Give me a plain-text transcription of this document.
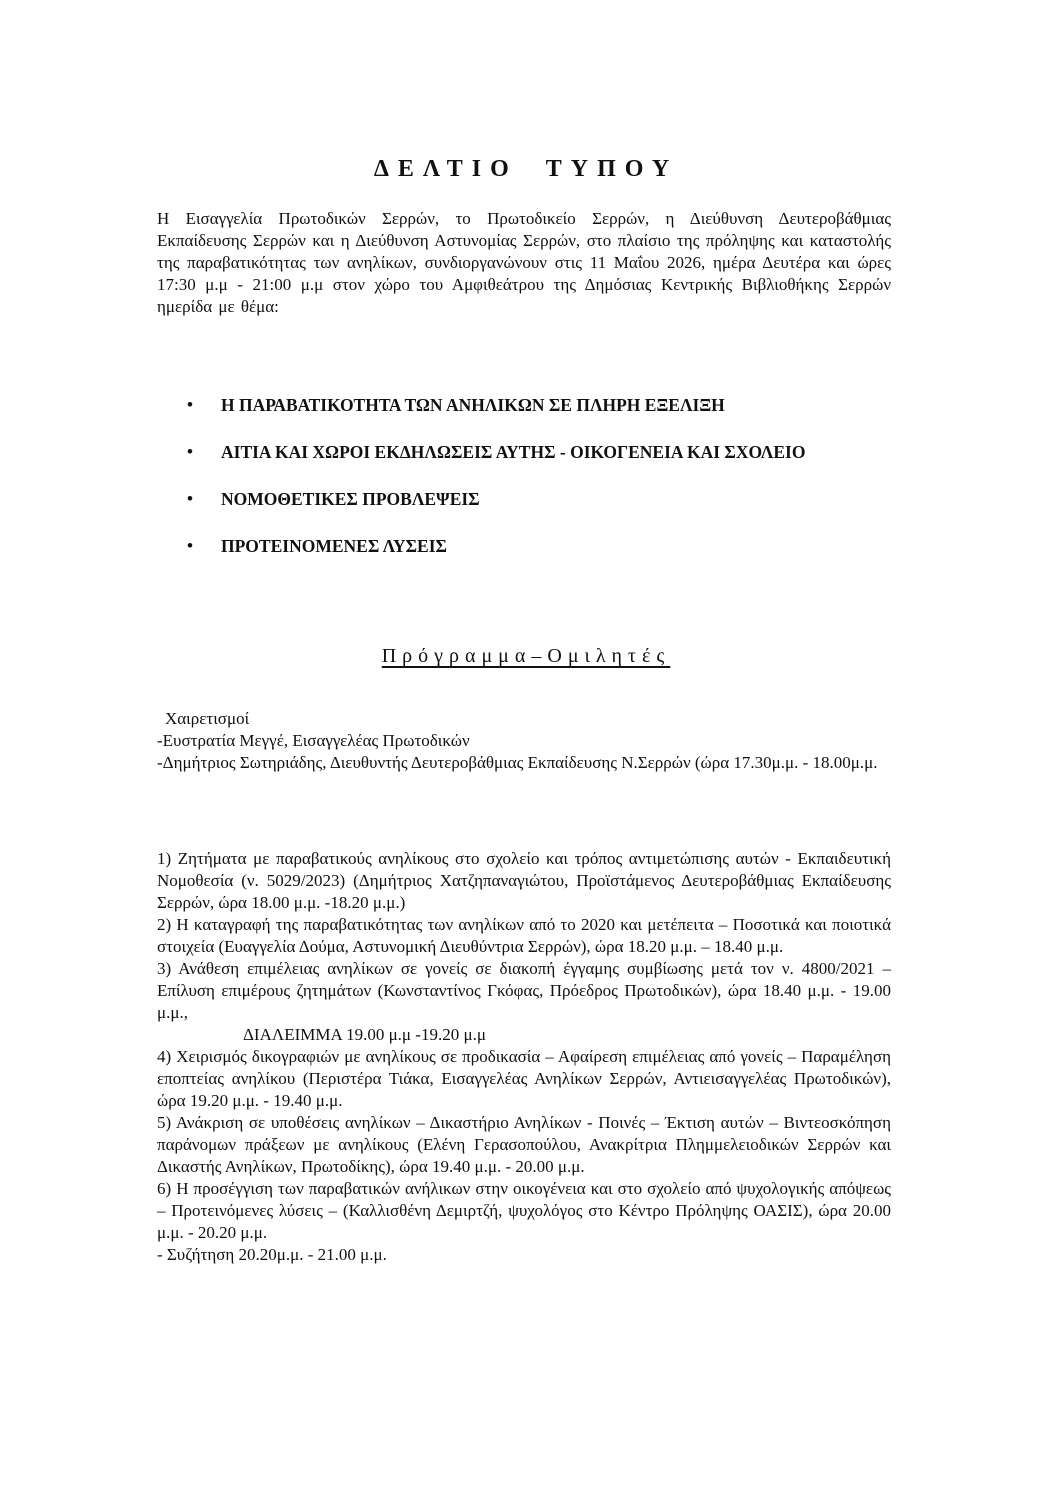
ΔΕΛΤΙΟ ΤΥΠΟΥ
Η Εισαγγελία Πρωτοδικών Σερρών, το Πρωτοδικείο Σερρών, η Διεύθυνση Δευτεροβάθμιας Εκπαίδευσης Σερρών και η Διεύθυνση Αστυνομίας Σερρών, στο πλαίσιο της πρόληψης και καταστολής της παραβατικότητας των ανηλίκων, συνδιοργανώνουν στις 11 Μαΐου 2026, ημέρα Δευτέρα και ώρες 17:30 μ.μ - 21:00 μ.μ στον χώρο του Αμφιθεάτρου της Δημόσιας Κεντρικής Βιβλιοθήκης Σερρών ημερίδα με θέμα:
• Η ΠΑΡΑΒΑΤΙΚΟΤΗΤΑ ΤΩΝ ΑΝΗΛΙΚΩΝ ΣΕ ΠΛΗΡΗ ΕΞΕΛΙΞΗ
• ΑΙΤΙΑ ΚΑΙ ΧΩΡΟΙ ΕΚΔΗΛΩΣΕΙΣ ΑΥΤΗΣ - ΟΙΚΟΓΕΝΕΙΑ ΚΑΙ ΣΧΟΛΕΙΟ
• ΝΟΜΟΘΕΤΙΚΕΣ ΠΡΟΒΛΕΨΕΙΣ
• ΠΡΟΤΕΙΝΟΜΕΝΕΣ ΛΥΣΕΙΣ
Πρόγραμμα–Ομιλητές
Χαιρετισμοί
-Ευστρατία Μεγγέ, Εισαγγελέας Πρωτοδικών
-Δημήτριος Σωτηριάδης, Διευθυντής Δευτεροβάθμιας Εκπαίδευσης Ν.Σερρών (ώρα 17.30μ.μ. - 18.00μ.μ.

1) Ζητήματα με παραβατικούς ανηλίκους στο σχολείο και τρόπος αντιμετώπισης αυτών - Εκπαιδευτική Νομοθεσία (ν. 5029/2023) (Δημήτριος Χατζηπαναγιώτου, Προϊστάμενος Δευτεροβάθμιας Εκπαίδευσης Σερρών, ώρα 18.00 μ.μ. -18.20 μ.μ.)

2) Η καταγραφή της παραβατικότητας των ανηλίκων από το 2020 και μετέπειτα – Ποσοτικά και ποιοτικά στοιχεία (Ευαγγελία Δούμα, Αστυνομική Διευθύντρια Σερρών), ώρα 18.20 μ.μ. – 18.40 μ.μ.

3) Ανάθεση επιμέλειας ανηλίκων σε γονείς σε διακοπή έγγαμης συμβίωσης μετά τον ν. 4800/2021 – Επίλυση επιμέρους ζητημάτων (Κωνσταντίνος Γκόφας, Πρόεδρος Πρωτοδικών), ώρα 18.40 μ.μ. - 19.00 μ.μ.,

ΔΙΑΛΕΙΜΜΑ 19.00 μ.μ -19.20 μ.μ

4) Χειρισμός δικογραφιών με ανηλίκους σε προδικασία – Αφαίρεση επιμέλειας από γονείς – Παραμέληση εποπτείας ανηλίκου (Περιστέρα Τιάκα, Εισαγγελέας Ανηλίκων Σερρών, Αντιεισαγγελέας Πρωτοδικών), ώρα 19.20 μ.μ. - 19.40 μ.μ.

5) Ανάκριση σε υποθέσεις ανηλίκων – Δικαστήριο Ανηλίκων - Ποινές – Έκτιση αυτών – Βιντεοσκόπηση παράνομων πράξεων με ανηλίκους (Ελένη Γερασοπούλου, Ανακρίτρια Πλημμελειοδικών Σερρών και Δικαστής Ανηλίκων, Πρωτοδίκης), ώρα 19.40 μ.μ. - 20.00 μ.μ.

6) Η προσέγγιση των παραβατικών ανήλικων στην οικογένεια και στο σχολείο από ψυχολογικής απόψεως – Προτεινόμενες λύσεις – (Καλλισθένη Δεμιρτζή, ψυχολόγος στο Κέντρο Πρόληψης ΟΑΣΙΣ), ώρα 20.00 μ.μ. - 20.20 μ.μ.

- Συζήτηση 20.20μ.μ. - 21.00 μ.μ.
